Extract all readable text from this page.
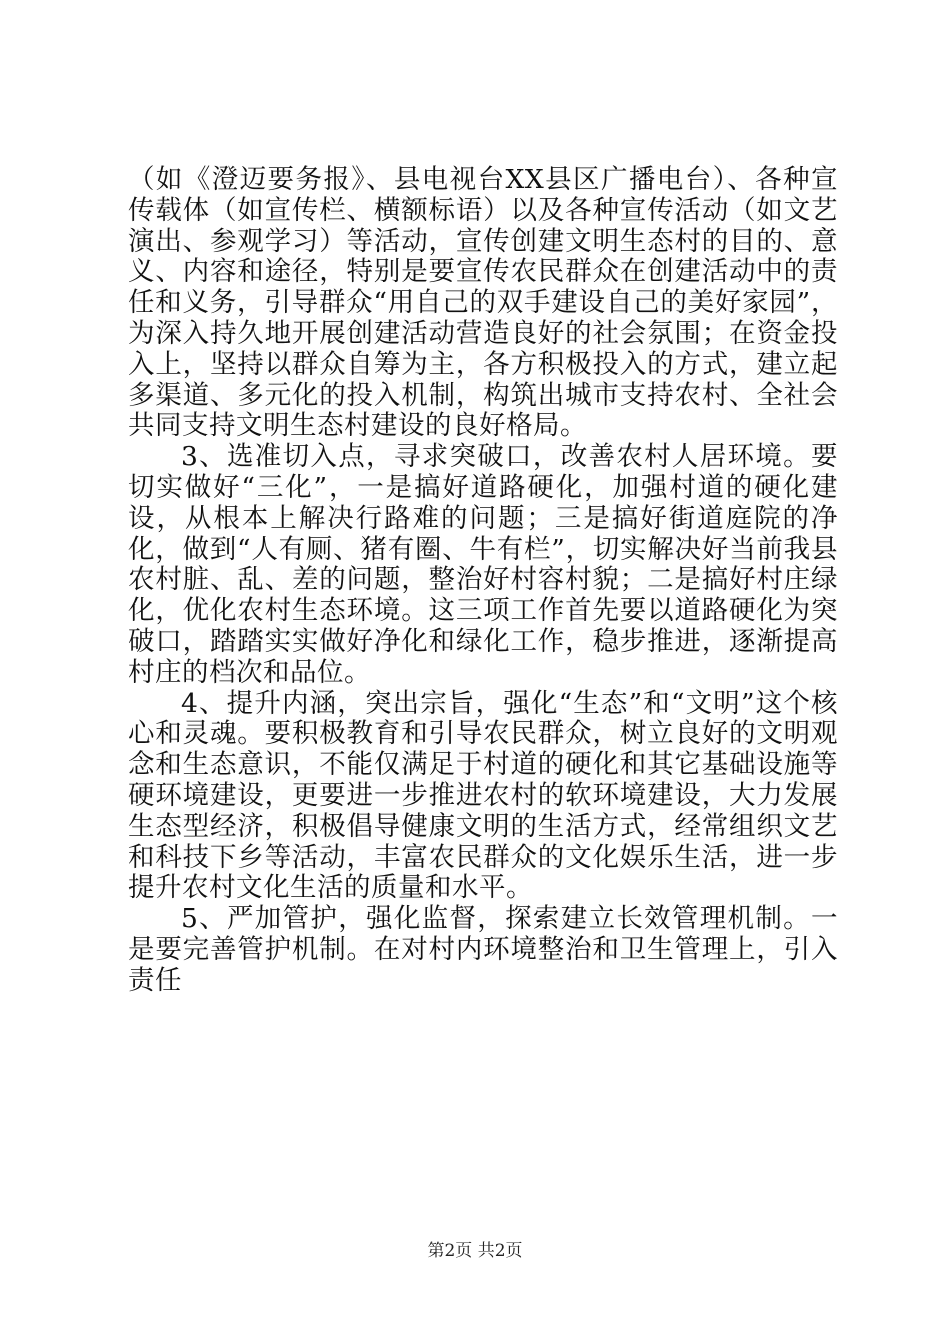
（如《澄迈要务报》、县电视台XX县区广播电台）、各种宣传载体（如宣传栏、横额标语）以及各种宣传活动（如文艺演出、参观学习）等活动，宣传创建文明生态村的目的、意义、内容和途径，特别是要宣传农民群众在创建活动中的责任和义务，引导群众“用自己的双手建设自己的美好家园”，为深入持久地开展创建活动营造良好的社会氛围；在资金投入上，坚持以群众自筹为主，各方积极投入的方式，建立起多渠道、多元化的投入机制，构筑出城市支持农村、全社会共同支持文明生态村建设的良好格局。

3、选准切入点，寻求突破口，改善农村人居环境。要切实做好“三化”，一是搞好道路硬化，加强村道的硬化建设，从根本上解决行路难的问题；三是搞好街道庭院的净化，做到“人有厕、猪有圈、牛有栏”，切实解决好当前我县农村脏、乱、差的问题，整治好村容村貌；二是搞好村庄绿化，优化农村生态环境。这三项工作首先要以道路硬化为突破口，踏踏实实做好净化和绿化工作，稳步推进，逐渐提高村庄的档次和品位。

4、提升内涵，突出宗旨，强化“生态”和“文明”这个核心和灵魂。要积极教育和引导农民群众，树立良好的文明观念和生态意识，不能仅满足于村道的硬化和其它基础设施等硬环境建设，更要进一步推进农村的软环境建设，大力发展生态型经济，积极倡导健康文明的生活方式，经常组织文艺和科技下乡等活动，丰富农民群众的文化娱乐生活，进一步提升农村文化生活的质量和水平。

5、严加管护，强化监督，探索建立长效管理机制。一是要完善管护机制。在对村内环境整治和卫生管理上，引入责任

第2页 共2页
